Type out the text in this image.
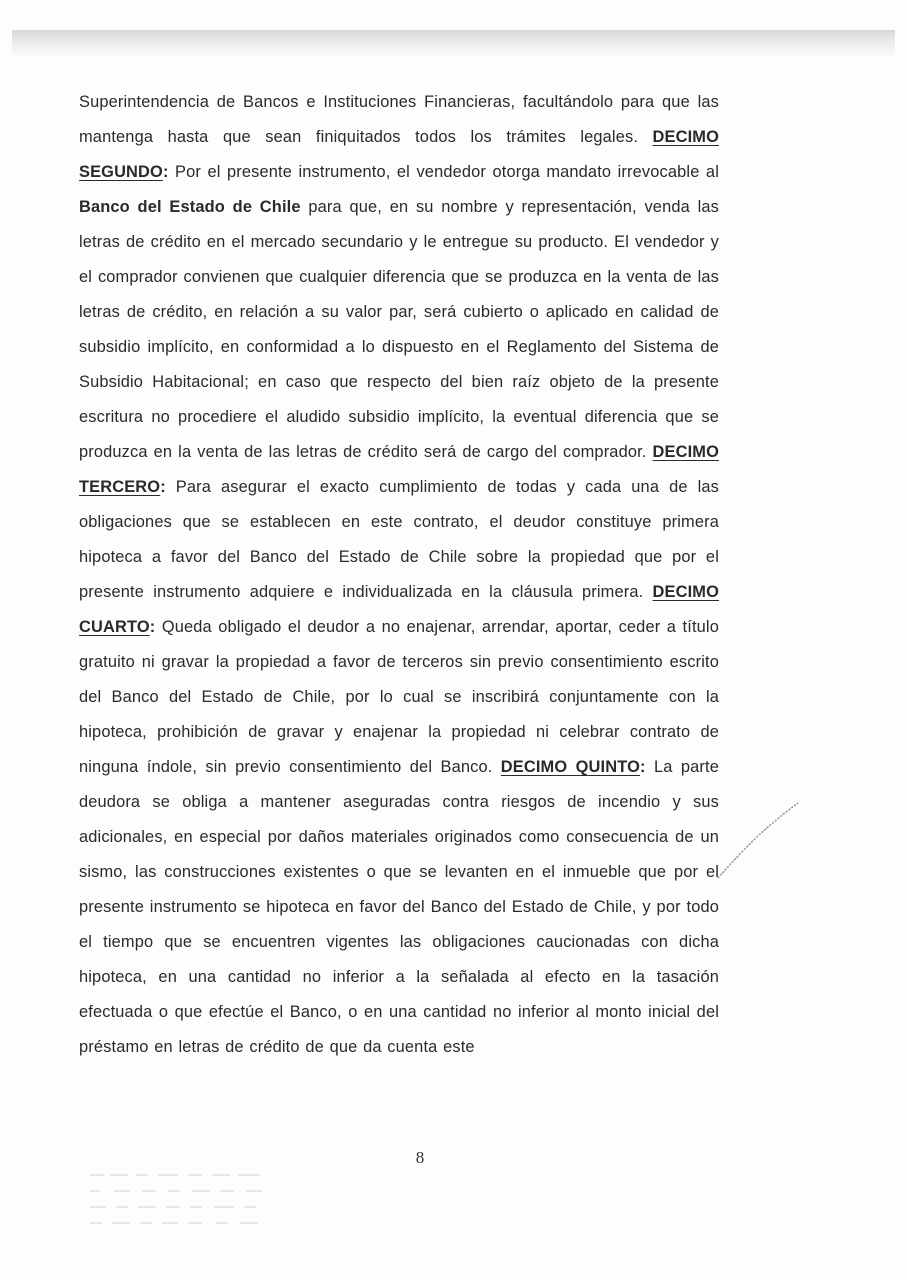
Superintendencia de Bancos e Instituciones Financieras, facultándolo para que las mantenga hasta que sean finiquitados todos los trámites legales. DECIMO SEGUNDO: Por el presente instrumento, el vendedor otorga mandato irrevocable al Banco del Estado de Chile para que, en su nombre y representación, venda las letras de crédito en el mercado secundario y le entregue su producto. El vendedor y el comprador convienen que cualquier diferencia que se produzca en la venta de las letras de crédito, en relación a su valor par, será cubierto o aplicado en calidad de subsidio implícito, en conformidad a lo dispuesto en el Reglamento del Sistema de Subsidio Habitacional; en caso que respecto del bien raíz objeto de la presente escritura no procediere el aludido subsidio implícito, la eventual diferencia que se produzca en la venta de las letras de crédito será de cargo del comprador. DECIMO TERCERO: Para asegurar el exacto cumplimiento de todas y cada una de las obligaciones que se establecen en este contrato, el deudor constituye primera hipoteca a favor del Banco del Estado de Chile sobre la propiedad que por el presente instrumento adquiere e individualizada en la cláusula primera. DECIMO CUARTO: Queda obligado el deudor a no enajenar, arrendar, aportar, ceder a título gratuito ni gravar la propiedad a favor de terceros sin previo consentimiento escrito del Banco del Estado de Chile, por lo cual se inscribirá conjuntamente con la hipoteca, prohibición de gravar y enajenar la propiedad ni celebrar contrato de ninguna índole, sin previo consentimiento del Banco. DECIMO QUINTO: La parte deudora se obliga a mantener aseguradas contra riesgos de incendio y sus adicionales, en especial por daños materiales originados como consecuencia de un sismo, las construcciones existentes o que se levanten en el inmueble que por el presente instrumento se hipoteca en favor del Banco del Estado de Chile, y por todo el tiempo que se encuentren vigentes las obligaciones caucionadas con dicha hipoteca, en una cantidad no inferior a la señalada al efecto en la tasación efectuada o que efectúe el Banco, o en una cantidad no inferior al monto inicial del préstamo en letras de crédito de que da cuenta este

8
